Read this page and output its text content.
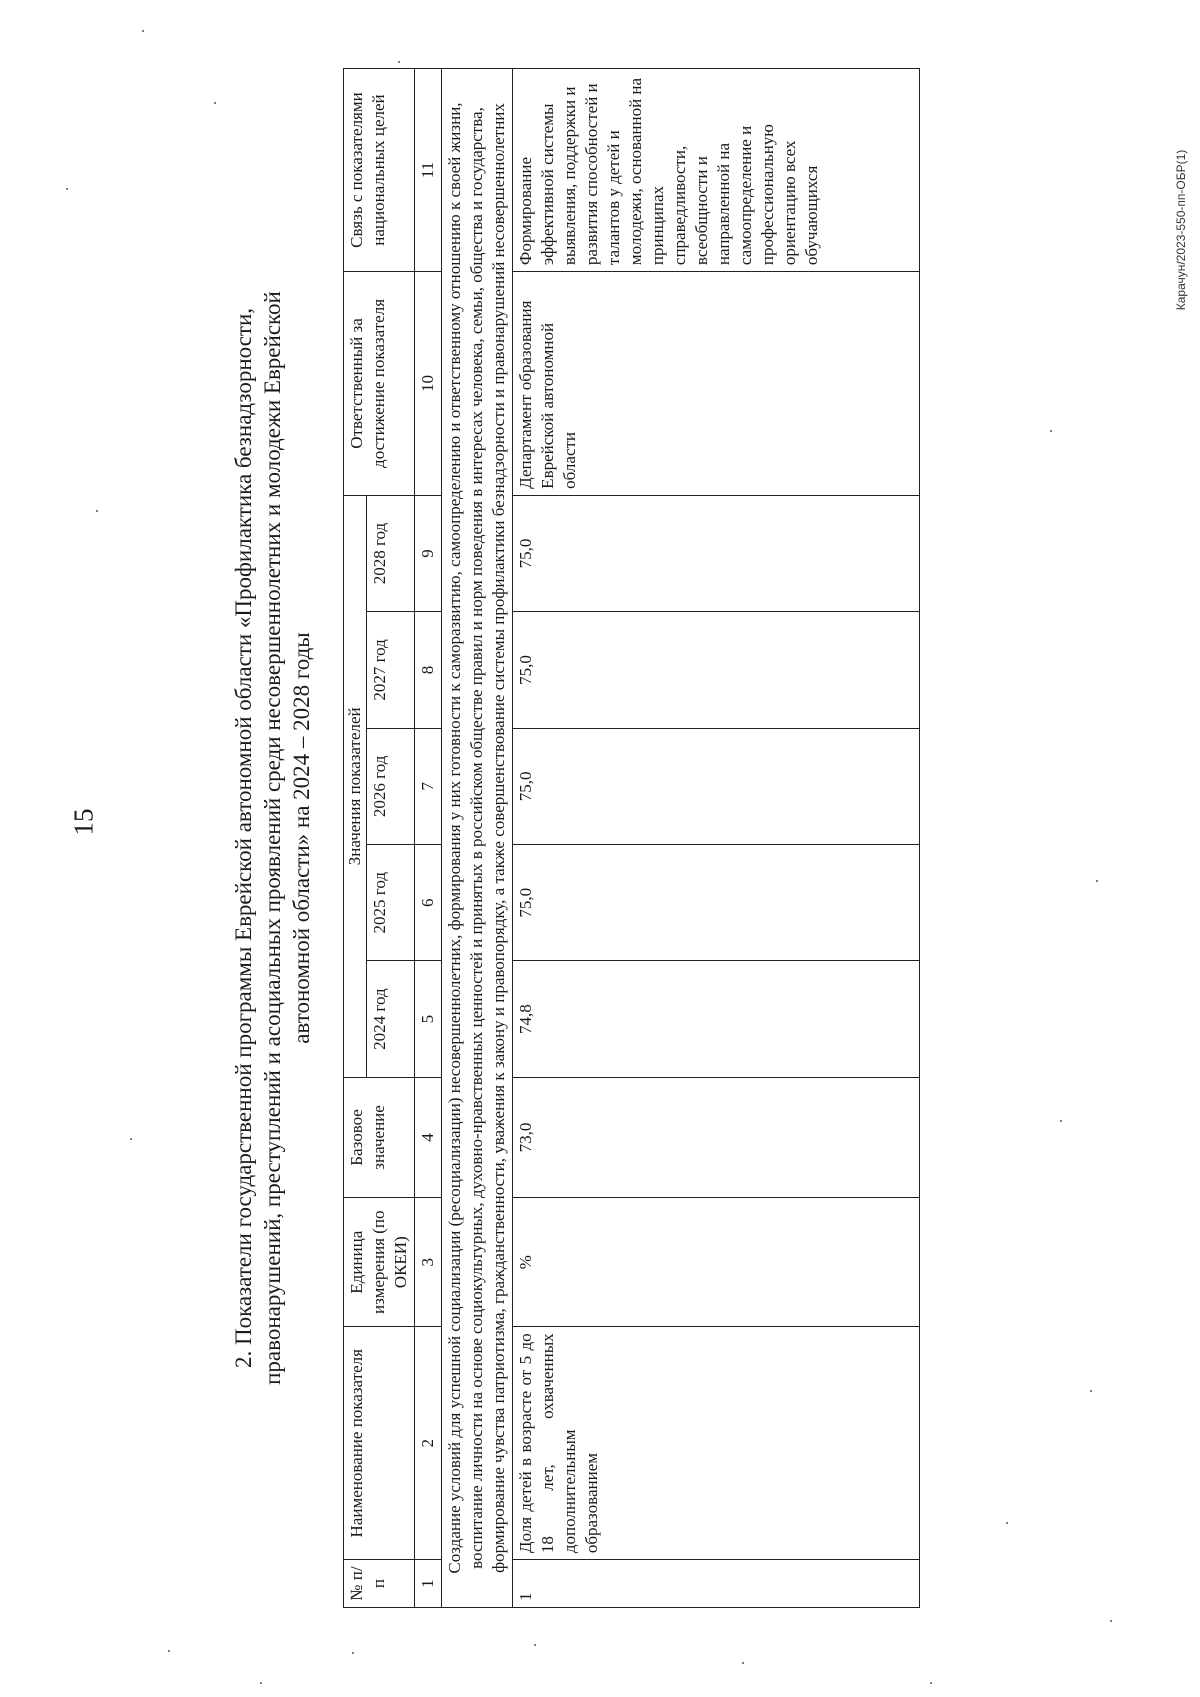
15
Карачун/2023-550-пп-ОБР(1)
2. Показатели государственной программы Еврейской автономной области «Профилактика безнадзорности, правонарушений, преступлений и асоциальных проявлений среди несовершеннолетних и молодежи Еврейской автономной области» на 2024 – 2028 годы
№ п/п	Наименование показателя	Единица измерения (по ОКЕИ)	Базовое значение	Значения показателей					Ответственный за достижение показателя	Связь с показателями национальных целей
				2024 год	2025 год	2026 год	2027 год	2028 год		
1	2	3	4	5	6	7	8	9	10	11
Создание условий для успешной социализации (ресоциализации) несовершеннолетних, формирования у них готовности к саморазвитию, самоопределению и ответственному отношению к своей жизни, воспитание личности на основе социокультурных, духовно-нравственных ценностей и принятых в российском обществе правил и норм поведения в интересах человека, семьи, общества и государства, формирование чувства патриотизма, гражданственности, уважения к закону и правопорядку, а также совершенствование системы профилактики безнадзорности и правонарушений несовершеннолетних										
1	Доля детей в возрасте от 5 до 18 лет, охваченных дополнительным образованием	%	73,0	74,8	75,0	75,0	75,0	75,0	Департамент образования Еврейской автономной области	Формирование эффективной системы выявления, поддержки и развития способностей и талантов у детей и молодежи, основанной на принципах справедливости, всеобщности и направленной на самоопределение и профессиональную ориентацию всех обучающихся
